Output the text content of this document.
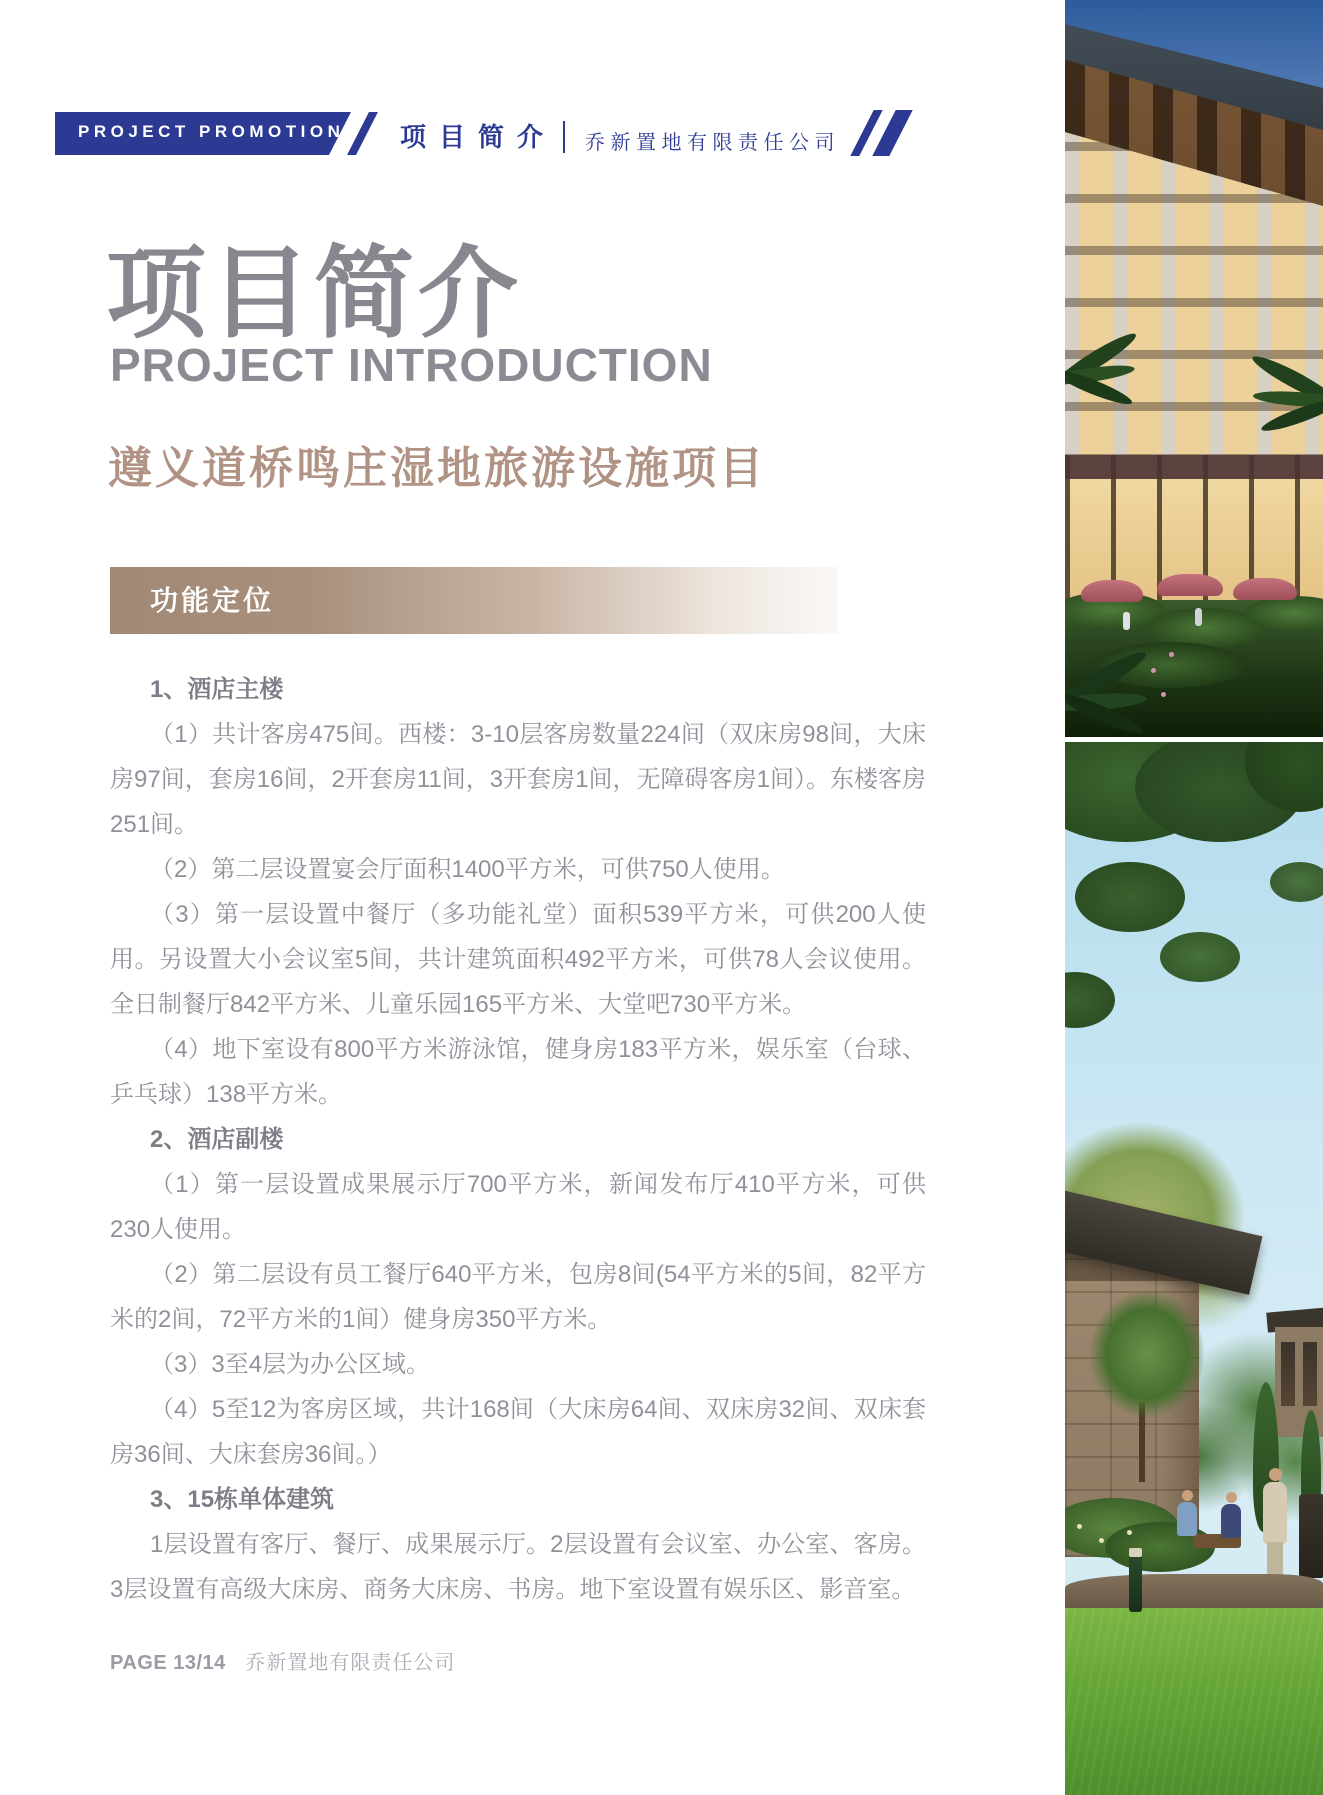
PROJECT PROMOTION 项目简介 乔新置地有限责任公司
项目简介
PROJECT INTRODUCTION
遵义道桥鸣庄湿地旅游设施项目
功能定位

1、酒店主楼

（1）共计客房475间。西楼：3-10层客房数量224间（双床房98间，大床房97间，套房16间，2开套房11间，3开套房1间，无障碍客房1间）。东楼客房251间。

（2）第二层设置宴会厅面积1400平方米，可供750人使用。

（3）第一层设置中餐厅（多功能礼堂）面积539平方米，可供200人使用。另设置大小会议室5间，共计建筑面积492平方米，可供78人会议使用。全日制餐厅842平方米、儿童乐园165平方米、大堂吧730平方米。

（4）地下室设有800平方米游泳馆，健身房183平方米，娱乐室（台球、乒乓球）138平方米。

2、酒店副楼

（1）第一层设置成果展示厅700平方米，新闻发布厅410平方米，可供230人使用。

（2）第二层设有员工餐厅640平方米，包房8间(54平方米的5间，82平方米的2间，72平方米的1间）健身房350平方米。

（3）3至4层为办公区域。

（4）5至12为客房区域，共计168间（大床房64间、双床房32间、双床套房36间、大床套房36间。）

3、15栋单体建筑

1层设置有客厅、餐厅、成果展示厅。2层设置有会议室、办公室、客房。3层设置有高级大床房、商务大床房、书房。地下室设置有娱乐区、影音室。

PAGE 13/14 乔新置地有限责任公司
